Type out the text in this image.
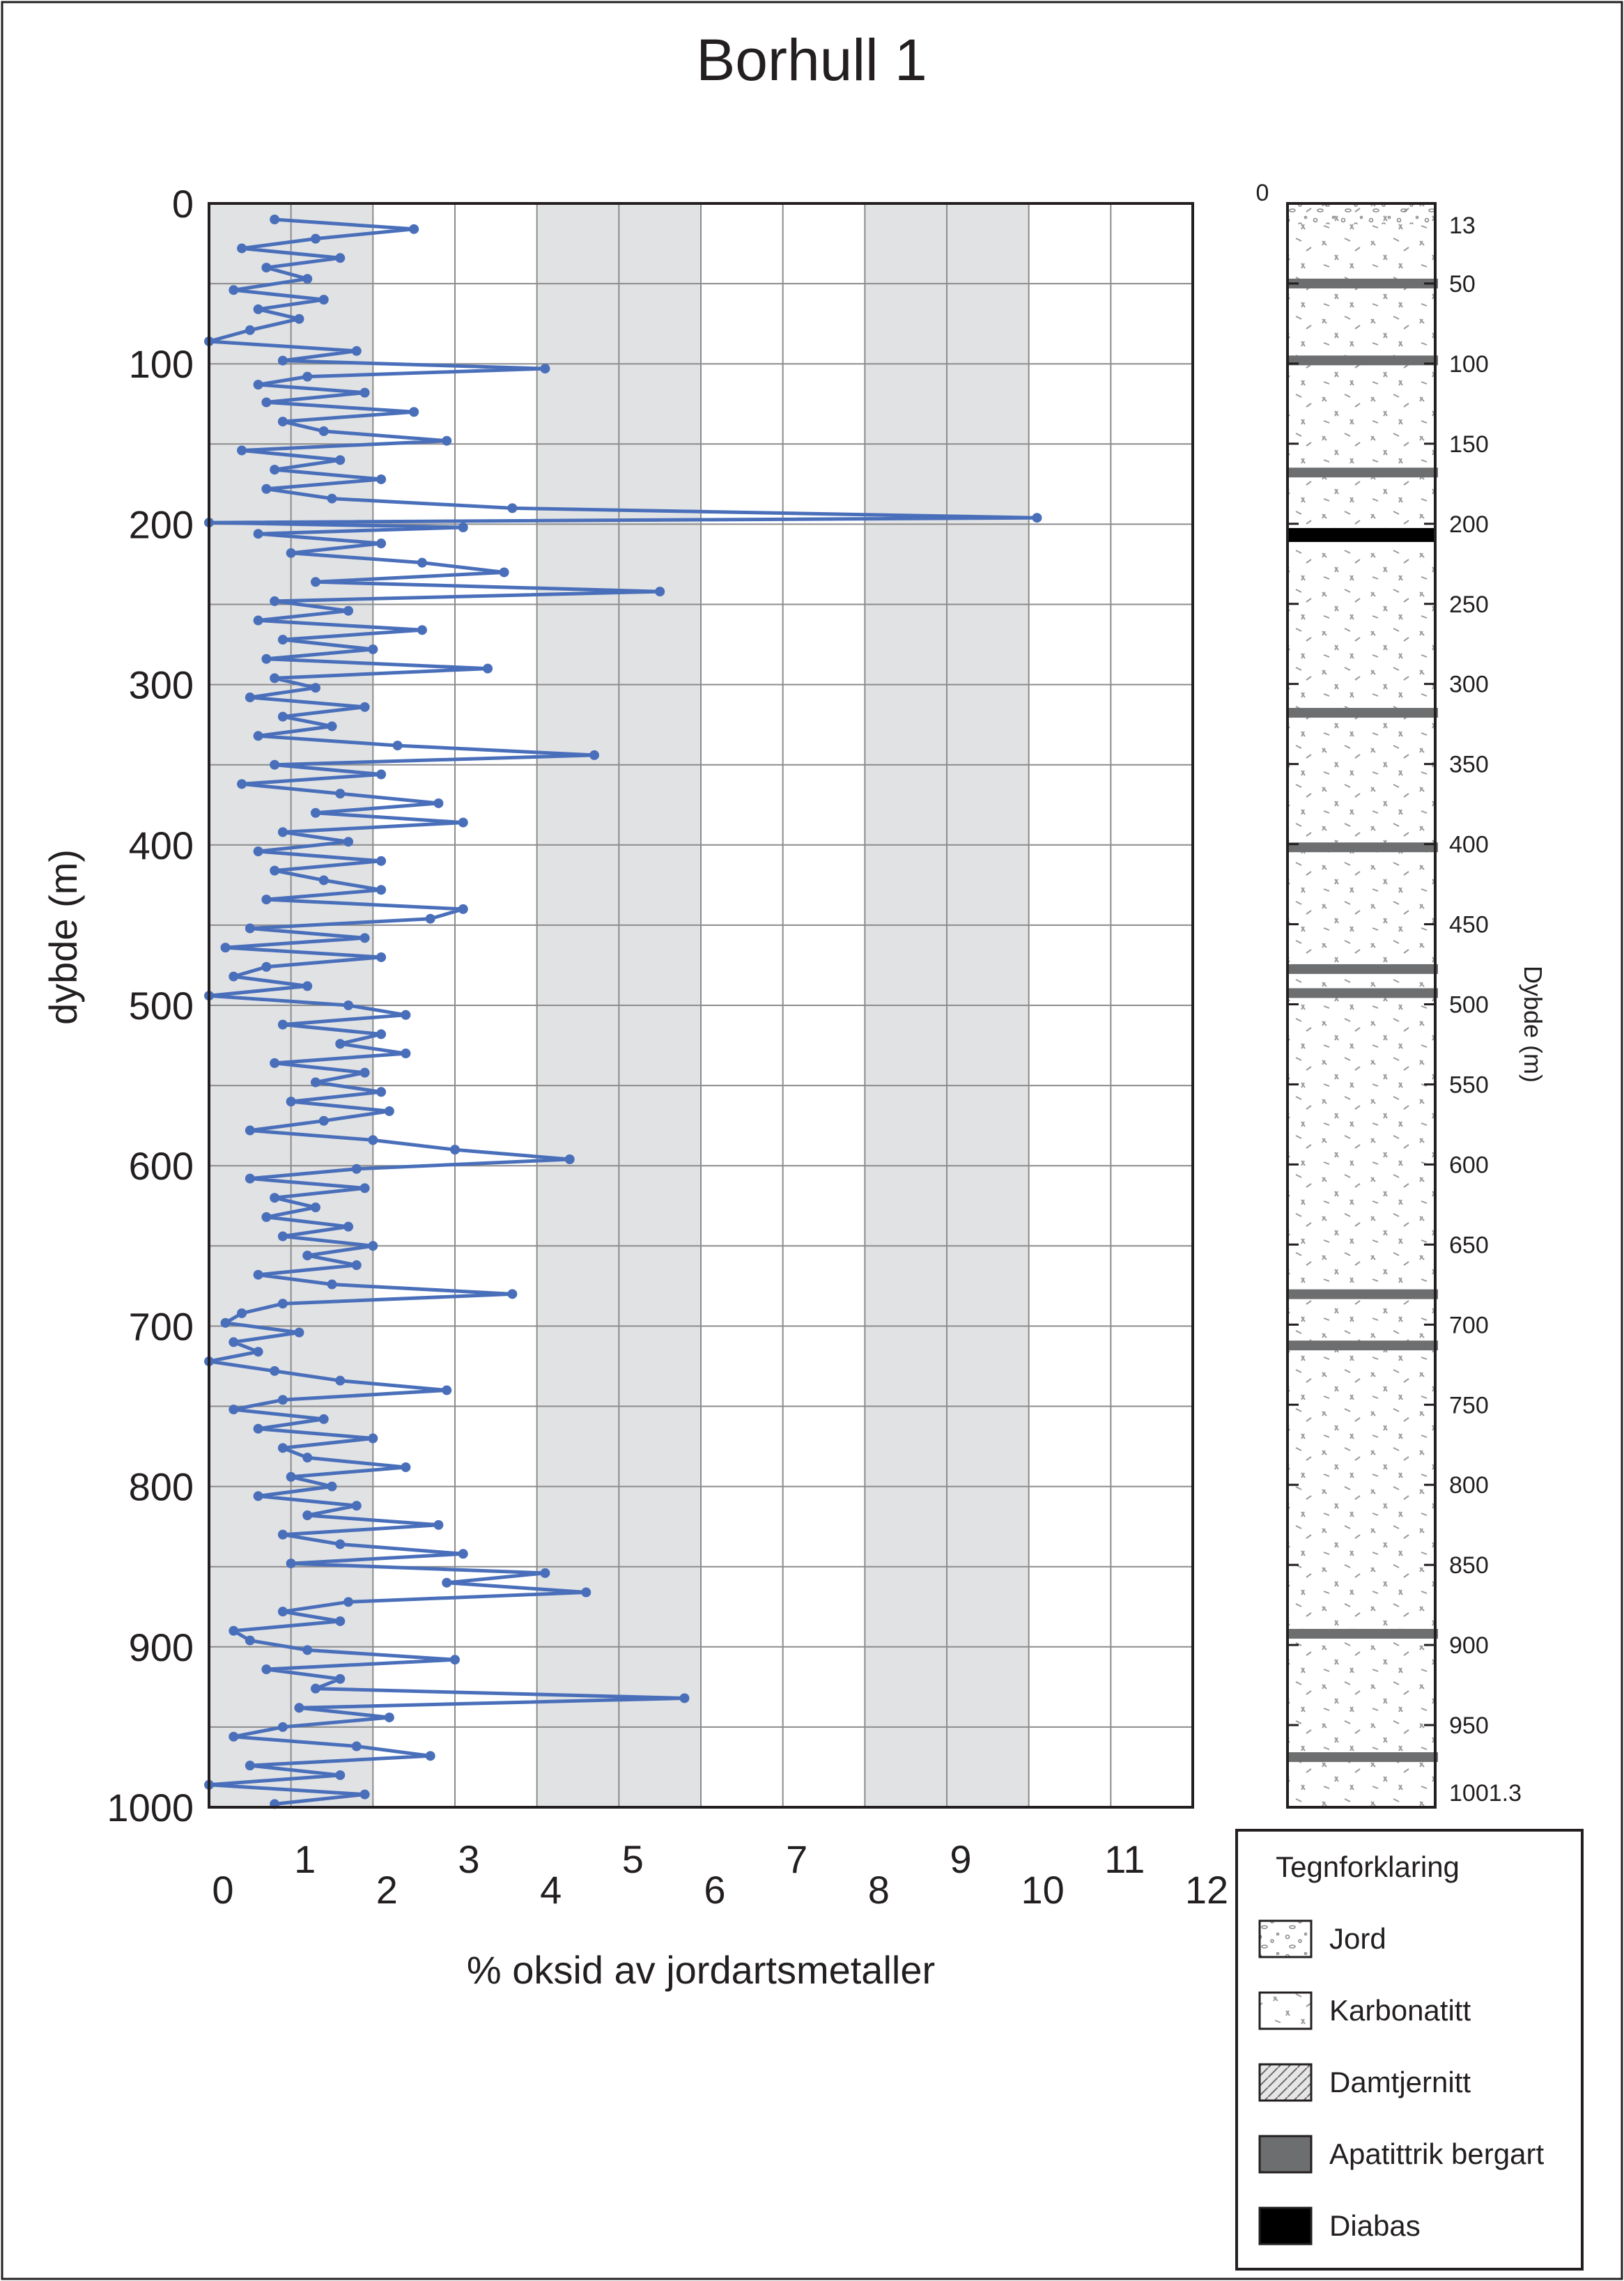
Borhull 1
0
100
200
300
400
500
600
700
800
900
1000
0
1
2
3
4
5
6
7
8
9
10
11
12
dybde (m)
% oksid av jordartsmetaller
0
13
50
100
150
200
250
300
350
400
450
500
550
600
650
700
750
800
850
900
950
1001.3
Dybde (m)
Tegnforklaring
Jord
Karbonatitt
Damtjernitt
Apatittrik bergart
Diabas
